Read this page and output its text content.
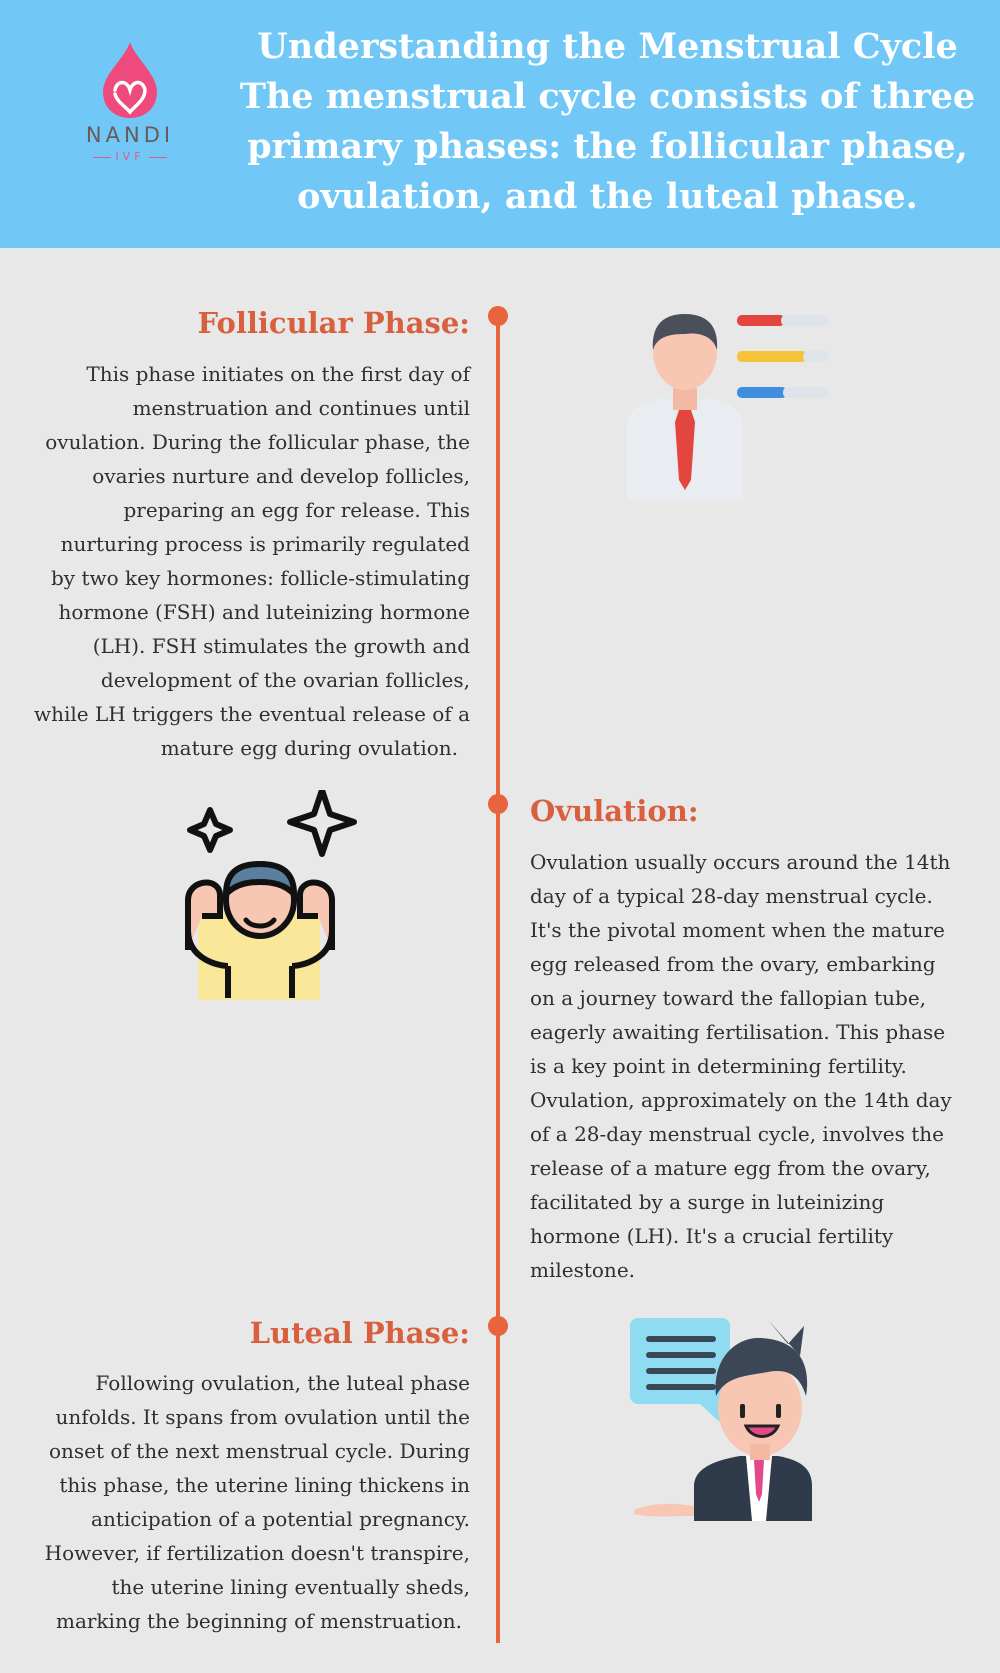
NANDI
IVF
Understanding the Menstrual Cycle
The menstrual cycle consists of three
primary phases: the follicular phase,
ovulation, and the luteal phase.
Follicular Phase:
This phase initiates on the first day of
menstruation and continues until
ovulation. During the follicular phase, the
ovaries nurture and develop follicles,
preparing an egg for release. This
nurturing process is primarily regulated
by two key hormones: follicle-stimulating
hormone (FSH) and luteinizing hormone
(LH). FSH stimulates the growth and
development of the ovarian follicles,
while LH triggers the eventual release of a
mature egg during ovulation.
Ovulation:
Ovulation usually occurs around the 14th
day of a typical 28-day menstrual cycle.
It's the pivotal moment when the mature
egg released from the ovary, embarking
on a journey toward the fallopian tube,
eagerly awaiting fertilisation. This phase
is a key point in determining fertility.
Ovulation, approximately on the 14th day
of a 28-day menstrual cycle, involves the
release of a mature egg from the ovary,
facilitated by a surge in luteinizing
hormone (LH). It's a crucial fertility
milestone.
Luteal Phase:
Following ovulation, the luteal phase
unfolds. It spans from ovulation until the
onset of the next menstrual cycle. During
this phase, the uterine lining thickens in
anticipation of a potential pregnancy.
However, if fertilization doesn't transpire,
the uterine lining eventually sheds,
marking the beginning of menstruation.
